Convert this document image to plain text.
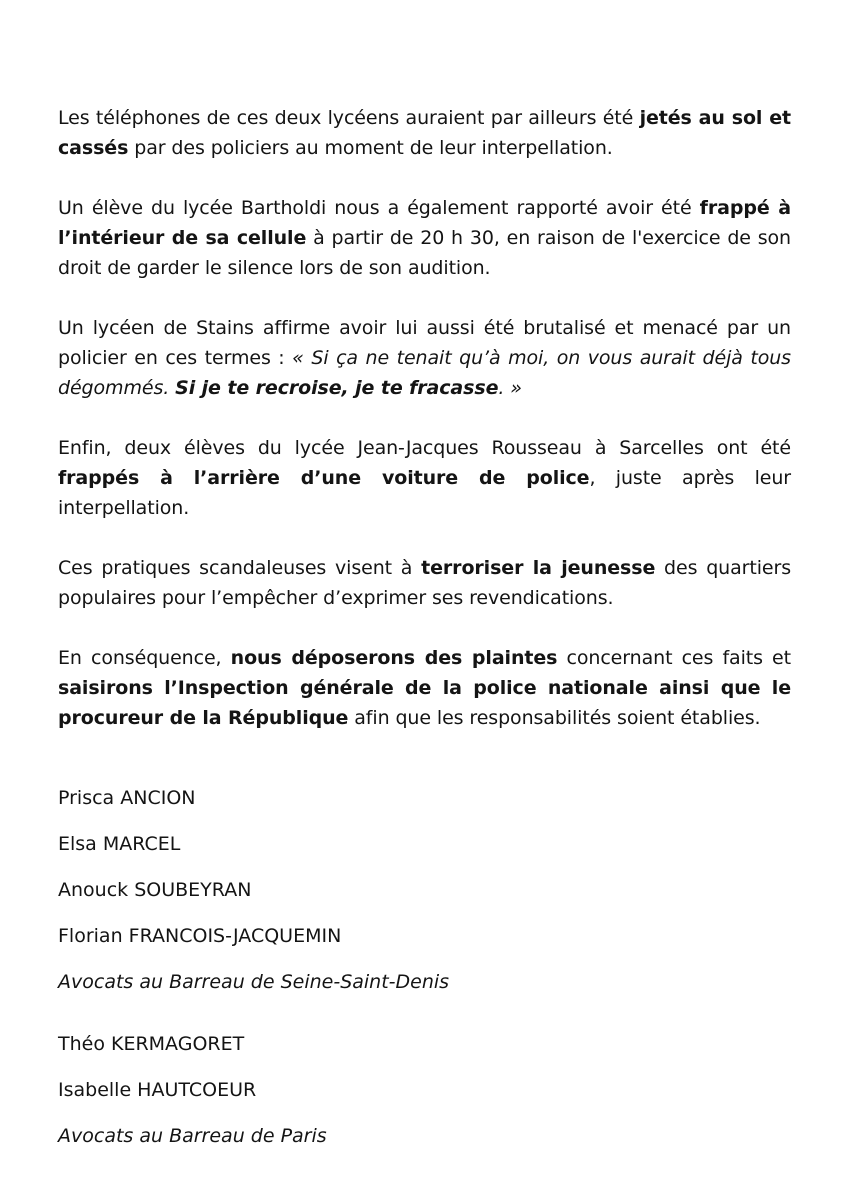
Les téléphones de ces deux lycéens auraient par ailleurs été jetés au sol et cassés par des policiers au moment de leur interpellation.

Un élève du lycée Bartholdi nous a également rapporté avoir été frappé à l’intérieur de sa cellule à partir de 20 h 30, en raison de l'exercice de son droit de garder le silence lors de son audition.

Un lycéen de Stains affirme avoir lui aussi été brutalisé et menacé par un policier en ces termes : « Si ça ne tenait qu’à moi, on vous aurait déjà tous dégommés. Si je te recroise, je te fracasse. »

Enfin, deux élèves du lycée Jean-Jacques Rousseau à Sarcelles ont été frappés à l’arrière d’une voiture de police, juste après leur interpellation.

Ces pratiques scandaleuses visent à terroriser la jeunesse des quartiers populaires pour l’empêcher d’exprimer ses revendications.

En conséquence, nous déposerons des plaintes concernant ces faits et saisirons l’Inspection générale de la police nationale ainsi que le procureur de la République afin que les responsabilités soient établies.

Prisca ANCION
Elsa MARCEL
Anouck SOUBEYRAN
Florian FRANCOIS-JACQUEMIN
Avocats au Barreau de Seine-Saint-Denis
Théo KERMAGORET
Isabelle HAUTCOEUR
Avocats au Barreau de Paris
